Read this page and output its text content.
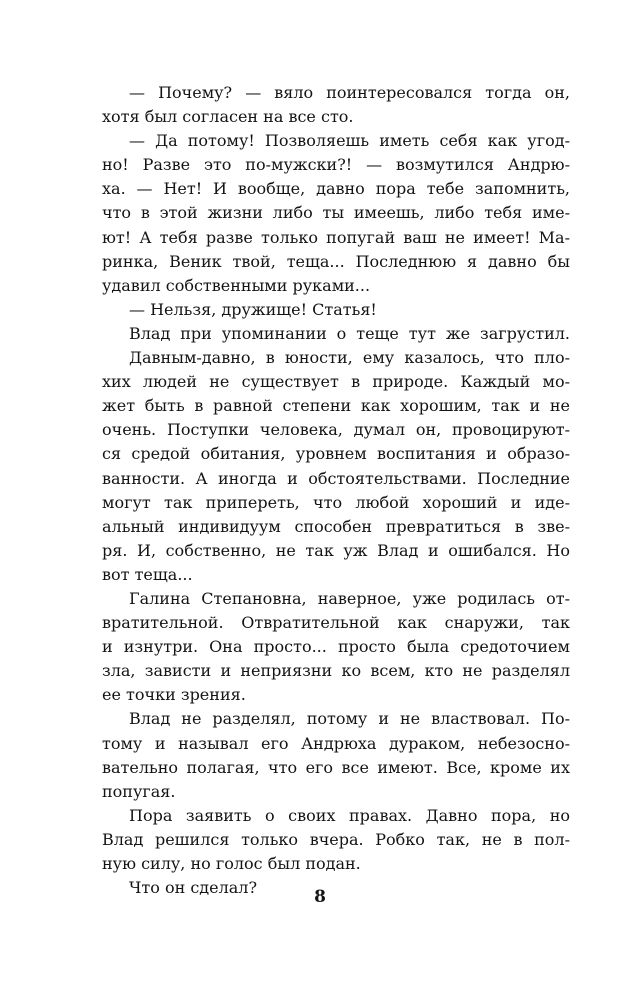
— Почему? — вяло поинтересовался тогда он,
хотя был согласен на все сто.
— Да потому! Позволяешь иметь себя как угод-
но! Разве это по-мужски?! — возмутился Андрю-
ха. — Нет! И вообще, давно пора тебе запомнить,
что в этой жизни либо ты имеешь, либо тебя име-
ют! А тебя разве только попугай ваш не имеет! Ма-
ринка, Веник твой, теща... Последнюю я давно бы
удавил собственными руками...
— Нельзя, дружище! Статья!
Влад при упоминании о теще тут же загрустил.
Давным-давно, в юности, ему казалось, что пло-
хих людей не существует в природе. Каждый мо-
жет быть в равной степени как хорошим, так и не
очень. Поступки человека, думал он, провоцируют-
ся средой обитания, уровнем воспитания и образо-
ванности. А иногда и обстоятельствами. Последние
могут так припереть, что любой хороший и иде-
альный индивидуум способен превратиться в зве-
ря. И, собственно, не так уж Влад и ошибался. Но
вот теща...
Галина Степановна, наверное, уже родилась от-
вратительной. Отвратительной как снаружи, так
и изнутри. Она просто... просто была средоточием
зла, зависти и неприязни ко всем, кто не разделял
ее точки зрения.
Влад не разделял, потому и не властвовал. По-
тому и называл его Андрюха дураком, небезосно-
вательно полагая, что его все имеют. Все, кроме их
попугая.
Пора заявить о своих правах. Давно пора, но
Влад решился только вчера. Робко так, не в пол-
ную силу, но голос был подан.
Что он сделал?	8
